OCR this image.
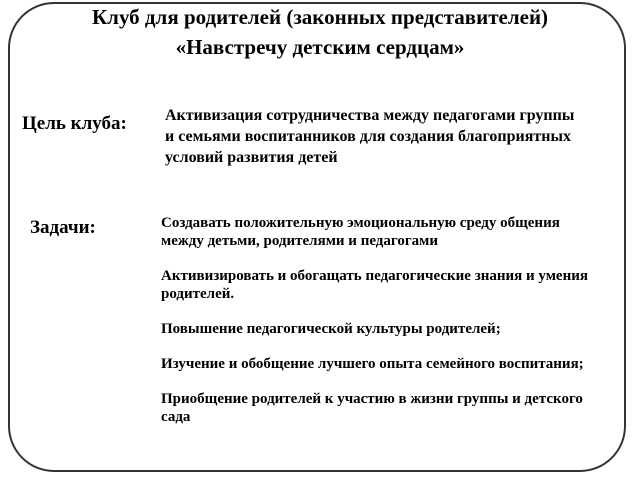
Клуб для родителей (законных представителей)
«Навстречу детским сердцам»
Цель клуба: Активизация сотрудничества между педагогами группы и семьями воспитанников для создания благоприятных условий развития детей
Задачи:	Создавать положительную эмоциональную среду общения между детьми, родителями и педагогами
Активизировать и обогащать педагогические знания и умения родителей.
Повышение педагогической культуры родителей;
Изучение и обобщение лучшего опыта семейного воспитания;
Приобщение родителей к участию в жизни группы и детского сада
